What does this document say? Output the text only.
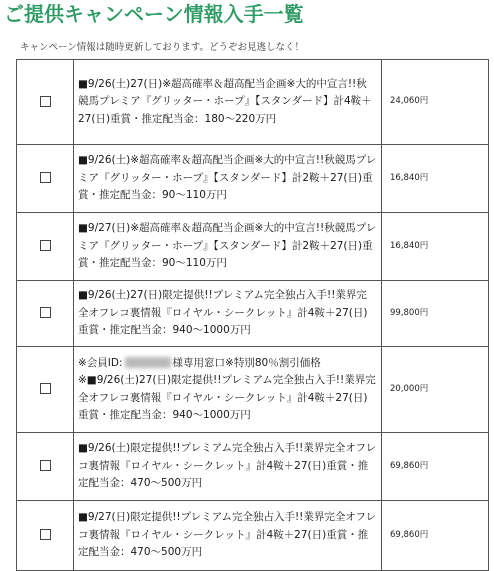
ご提供キャンペーン情報入手一覧
キャンペーン情報は随時更新しております。どうぞお見逃しなく！
	■9/26(土)27(日)※超高確率＆超高配当企画※大的中宣言!!秋競馬プレミア『グリッター・ホープ』【スタンダード】計4鞍＋27(日)重賞・推定配当金：180～220万円	24,060円
	■9/26(土)※超高確率＆超高配当企画※大的中宣言!!秋競馬プレミア『グリッター・ホープ』【スタンダード】計2鞍＋27(日)重賞・推定配当金：90～110万円	16,840円
	■9/27(日)※超高確率＆超高配当企画※大的中宣言!!秋競馬プレミア『グリッター・ホープ』【スタンダード】計2鞍＋27(日)重賞・推定配当金：90～110万円	16,840円
	■9/26(土)27(日)限定提供!!プレミアム完全独占入手!!業界完全オフレコ裏情報『ロイヤル・シークレット』計4鞍＋27(日)重賞・推定配当金：940～1000万円	99,800円
	※会員ID: 様専用窓口※特別80％割引価格※■9/26(土)27(日)限定提供!!プレミアム完全独占入手!!業界完全オフレコ裏情報『ロイヤル・シークレット』計4鞍＋27(日)重賞・推定配当金：940～1000万円	20,000円
	■9/26(土)限定提供!!プレミアム完全独占入手!!業界完全オフレコ裏情報『ロイヤル・シークレット』計4鞍＋27(日)重賞・推定配当金：470～500万円	69,860円
	■9/27(日)限定提供!!プレミアム完全独占入手!!業界完全オフレコ裏情報『ロイヤル・シークレット』計4鞍＋27(日)重賞・推定配当金：470～500万円	69,860円
